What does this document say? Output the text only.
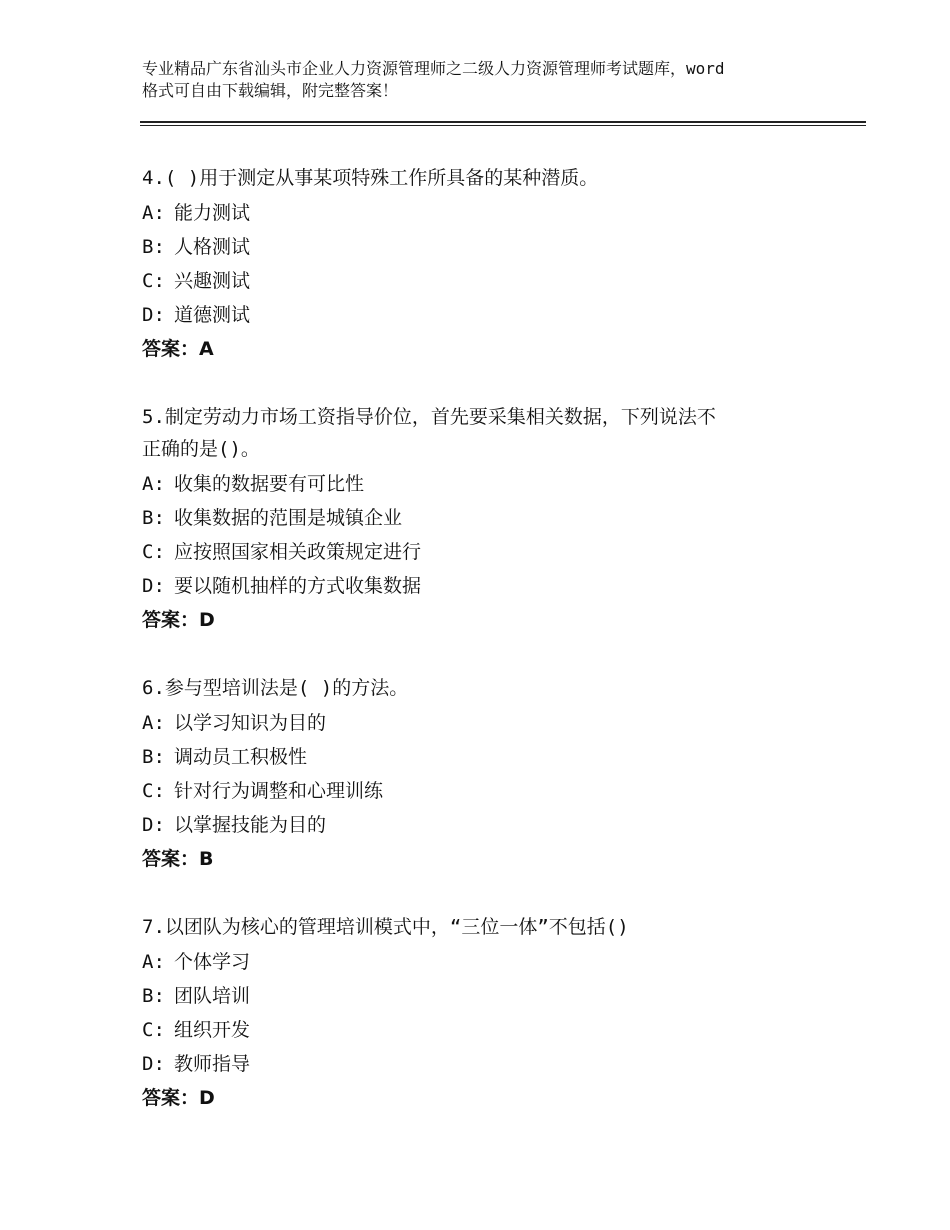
专业精品广东省汕头市企业人力资源管理师之二级人力资源管理师考试题库，word
格式可自由下载编辑，附完整答案！
4.( )用于测定从事某项特殊工作所具备的某种潜质。
A: 能力测试
B: 人格测试
C: 兴趣测试
D: 道德测试
答案：A
5.制定劳动力市场工资指导价位，首先要采集相关数据，下列说法不
正确的是()。
A: 收集的数据要有可比性
B: 收集数据的范围是城镇企业
C: 应按照国家相关政策规定进行
D: 要以随机抽样的方式收集数据
答案：D
6.参与型培训法是( )的方法。
A: 以学习知识为目的
B: 调动员工积极性
C: 针对行为调整和心理训练
D: 以掌握技能为目的
答案：B
7.以团队为核心的管理培训模式中，“三位一体”不包括()
A: 个体学习
B: 团队培训
C: 组织开发
D: 教师指导
答案：D
